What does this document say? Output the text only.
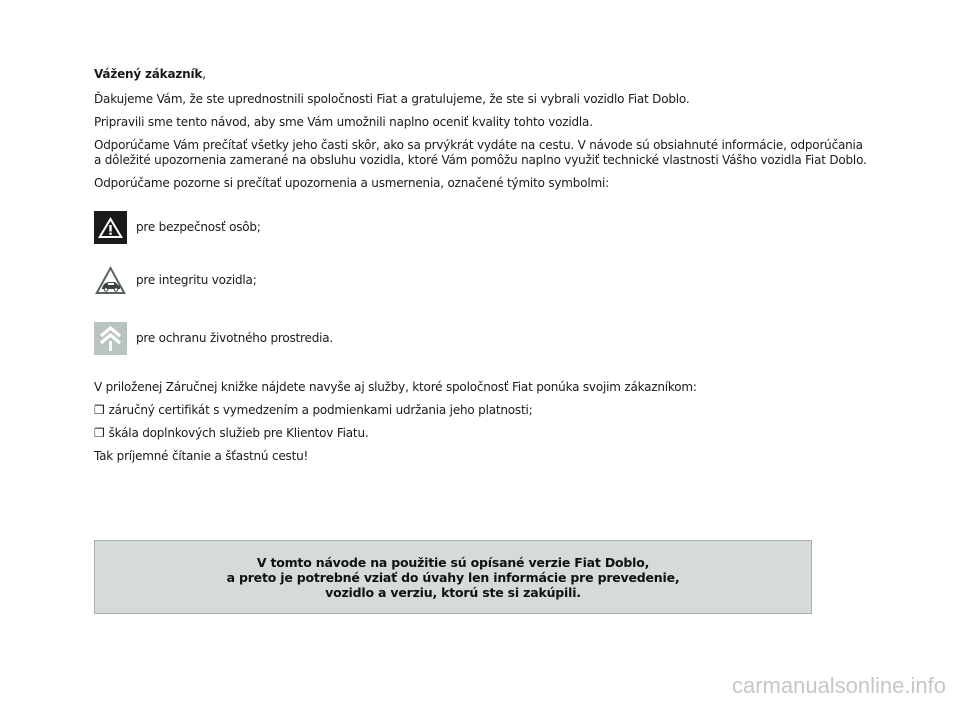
Vážený zákazník,
Ďakujeme Vám, že ste uprednostnili spoločnosti Fiat a gratulujeme, že ste si vybrali vozidlo Fiat Doblo.
Pripravili sme tento návod, aby sme Vám umožnili naplno oceniť kvality tohto vozidla.
Odporúčame Vám prečítať všetky jeho časti skôr, ako sa prvýkrát vydáte na cestu. V návode sú obsiahnuté informácie, odporúčania
a dôležité upozornenia zamerané na obsluhu vozidla, ktoré Vám pomôžu naplno využiť technické vlastnosti Vášho vozidla Fiat Doblo.
Odporúčame pozorne si prečítať upozornenia a usmernenia, označené týmito symbolmi:
pre bezpečnosť osôb;
pre integritu vozidla;
pre ochranu životného prostredia.
V priloženej Záručnej knižke nájdete navyše aj služby, ktoré spoločnosť Fiat ponúka svojim zákazníkom:
❒ záručný certifikát s vymedzením a podmienkami udržania jeho platnosti;
❒ škála doplnkových služieb pre Klientov Fiatu.
Tak príjemné čítanie a šťastnú cestu!
V tomto návode na použitie sú opísané verzie Fiat Doblo,
a preto je potrebné vziať do úvahy len informácie pre prevedenie,
vozidlo a verziu, ktorú ste si zakúpili.
carmanualsonline.info
